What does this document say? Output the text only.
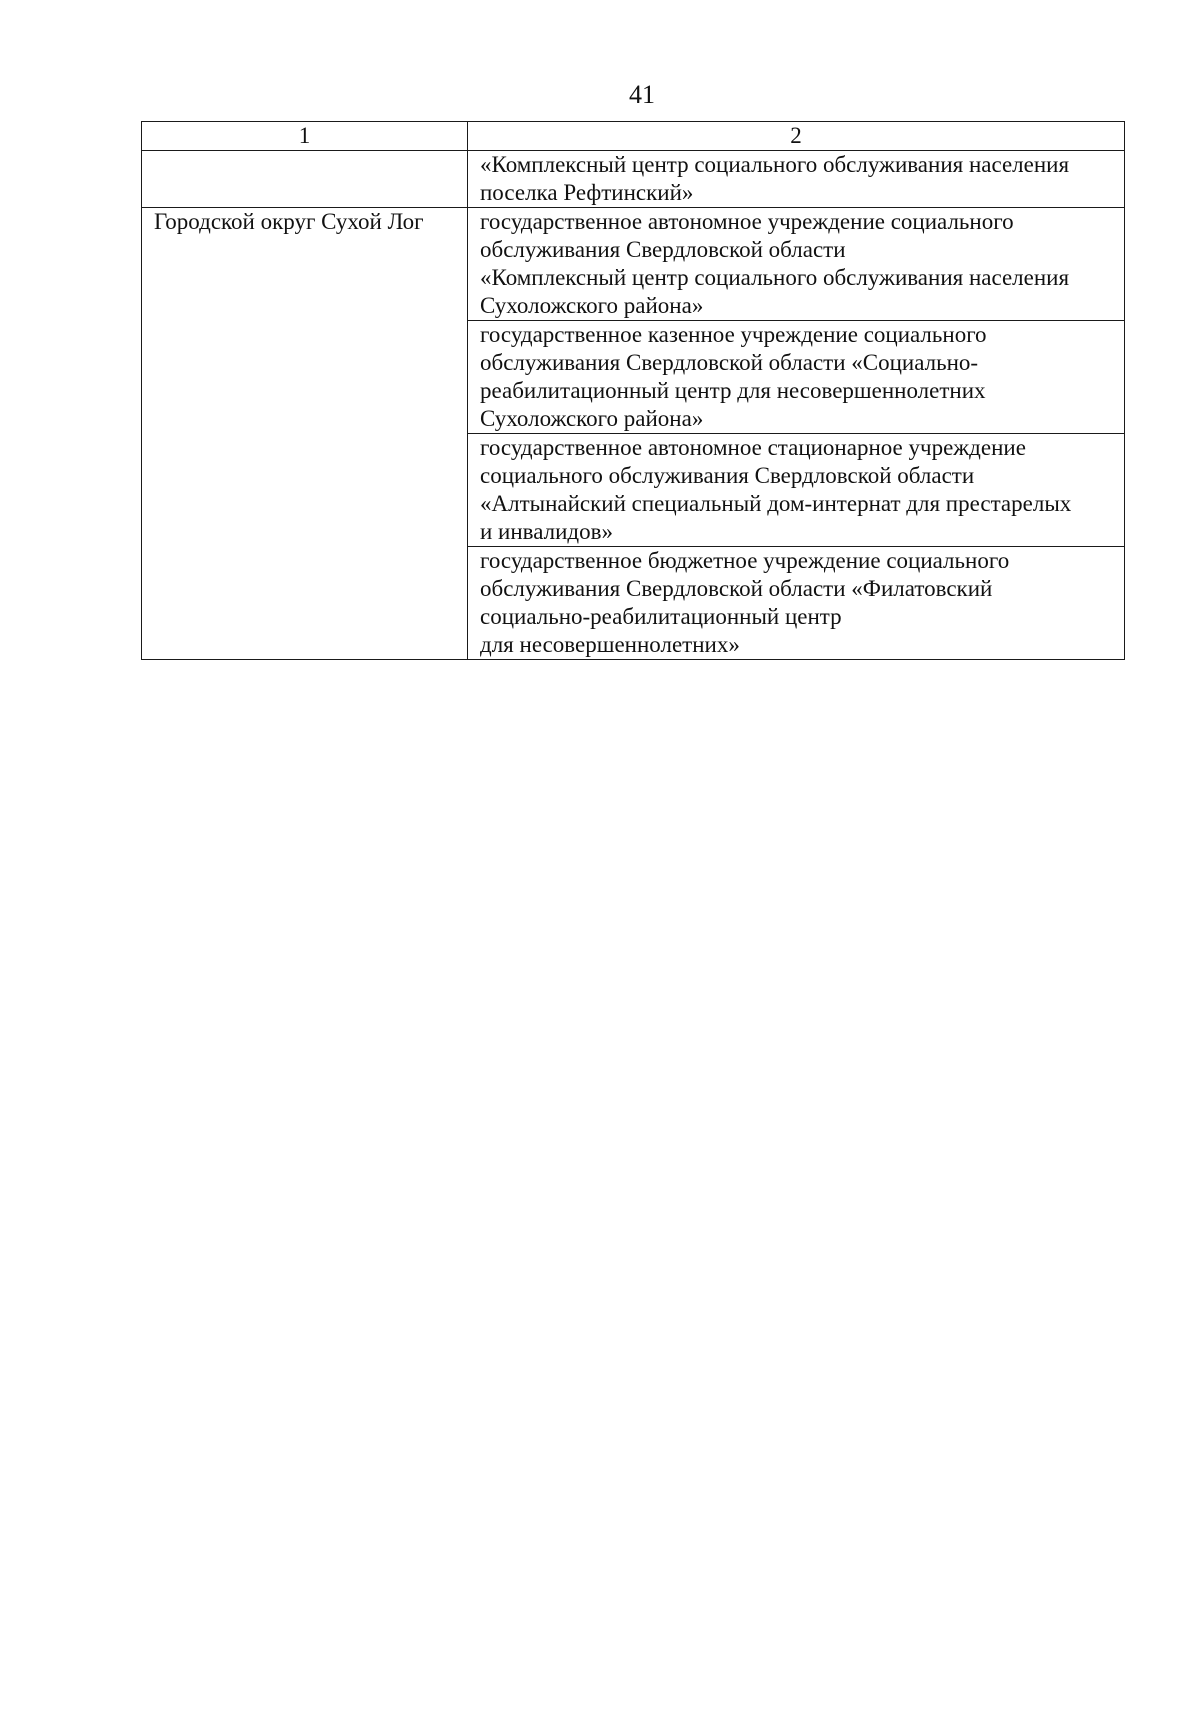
41
1	2
	«Комплексный центр социального обслуживания населения
поселка Рефтинский»
Городской округ Сухой Лог	государственное автономное учреждение социального
обслуживания Свердловской области
«Комплексный центр социального обслуживания населения
Сухоложского района»
	государственное казенное учреждение социального
обслуживания Свердловской области «Социально-
реабилитационный центр для несовершеннолетних
Сухоложского района»
	государственное автономное стационарное учреждение
социального обслуживания Свердловской области
«Алтынайский специальный дом-интернат для престарелых
и инвалидов»
	государственное бюджетное учреждение социального
обслуживания Свердловской области «Филатовский
социально-реабилитационный центр
для несовершеннолетних»
